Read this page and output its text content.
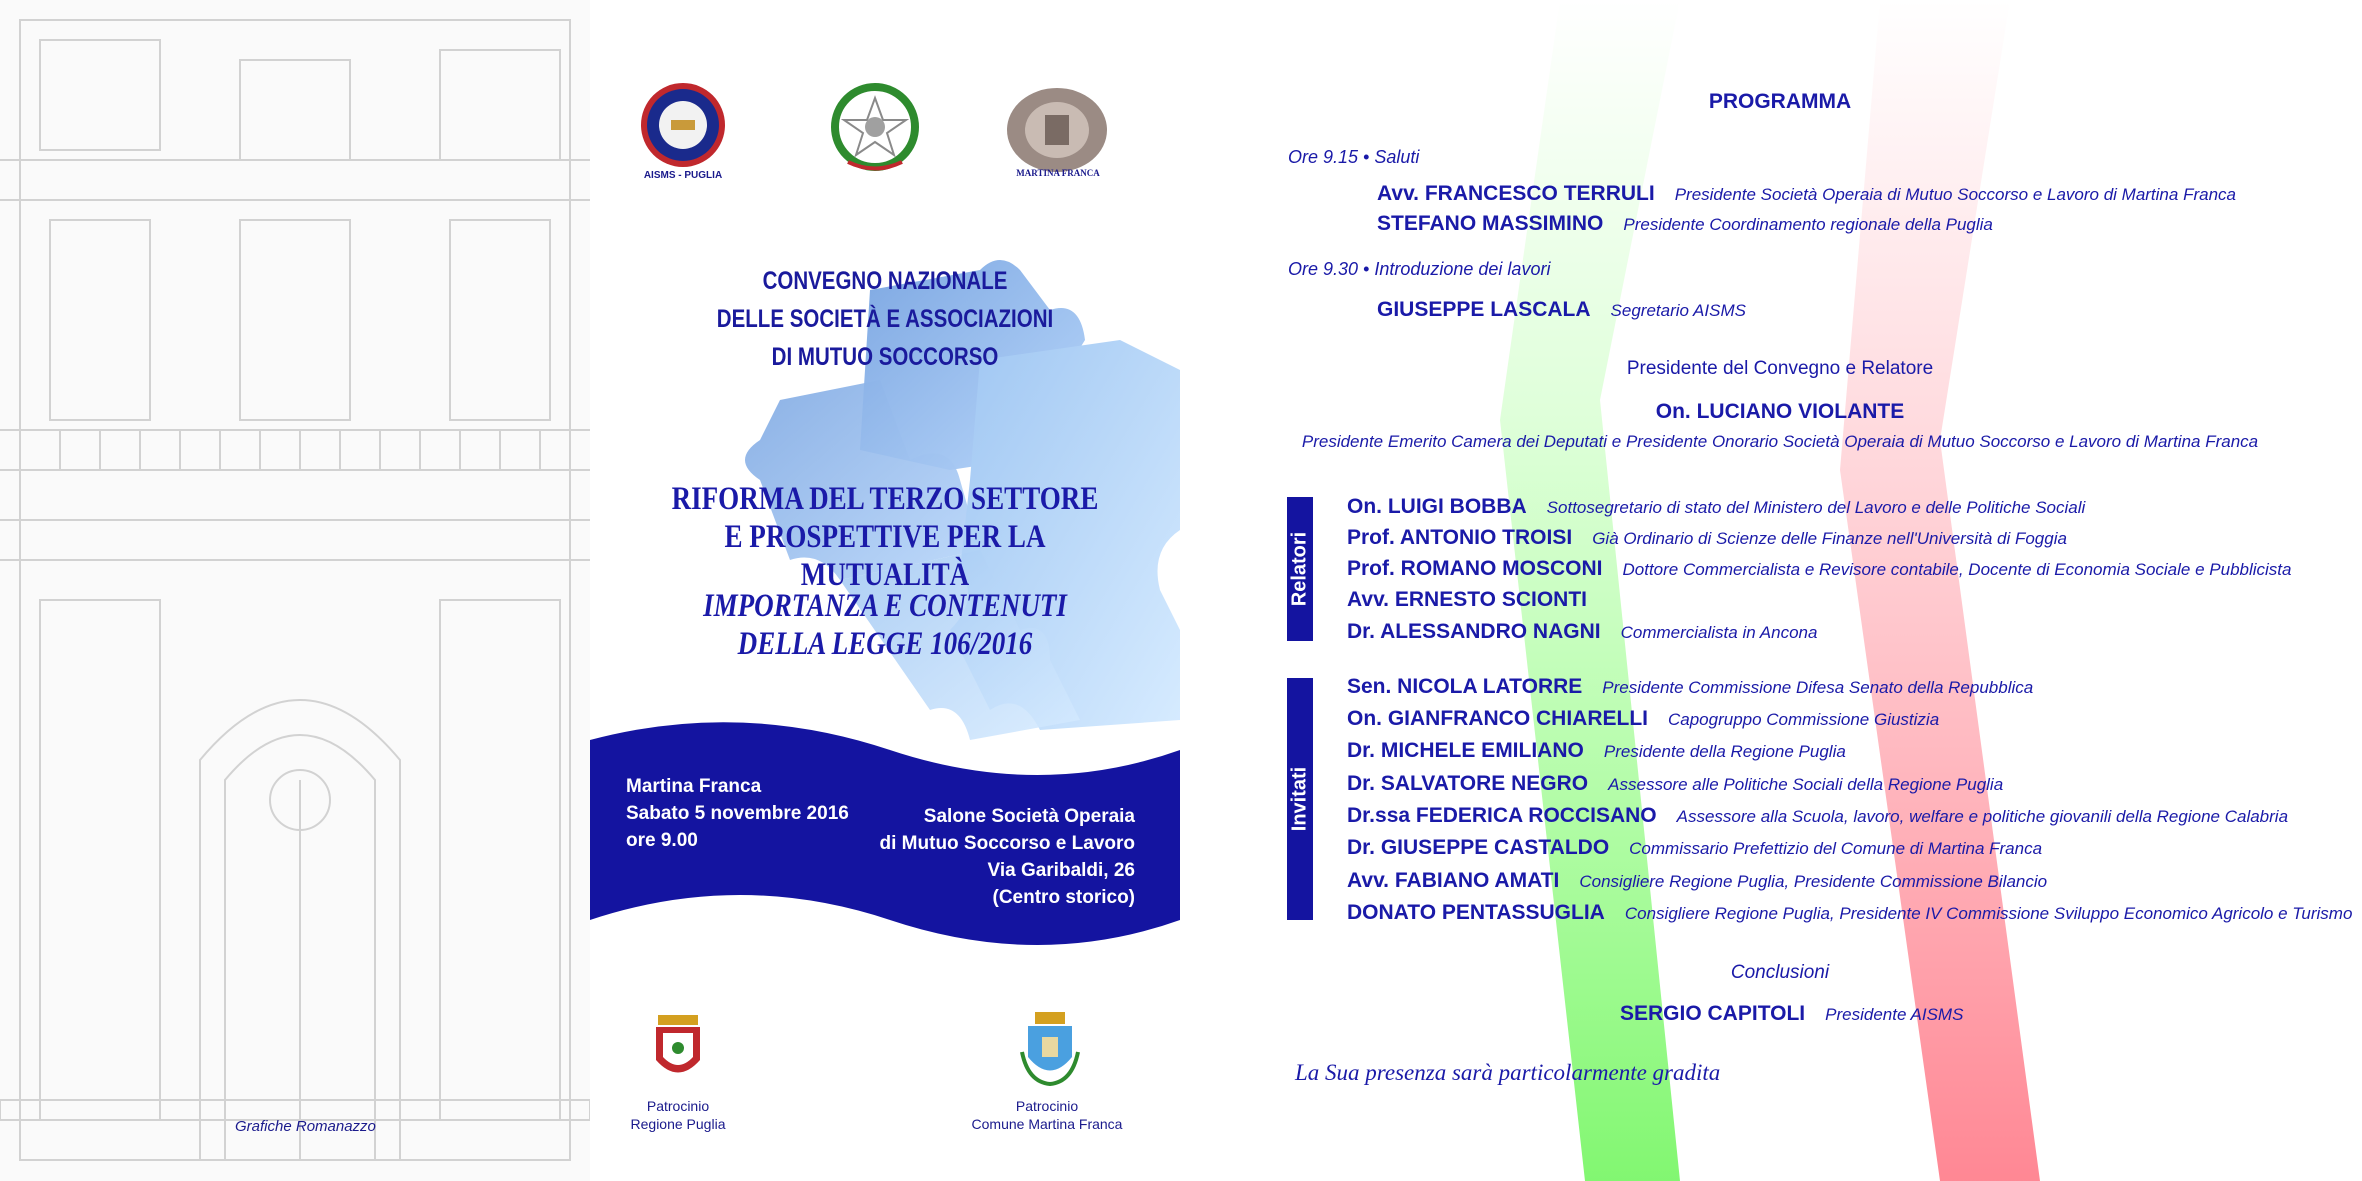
Grafiche Romanazzo
AISMS - PUGLIA	MARTINA FRANCA
CONVEGNO NAZIONALE
DELLE SOCIETÀ E ASSOCIAZIONI
DI MUTUO SOCCORSO
RIFORMA DEL TERZO SETTORE
E PROSPETTIVE PER LA MUTUALITÀ
IMPORTANZA E CONTENUTI
DELLA LEGGE 106/2016
Martina Franca
Sabato 5 novembre 2016
ore 9.00
Salone Società Operaia
di Mutuo Soccorso e Lavoro
Via Garibaldi, 26
(Centro storico)
Patrocinio
Regione Puglia
Patrocinio
Comune Martina Franca
PROGRAMMA
Ore 9.15 • Saluti
Avv. FRANCESCO TERRULI Presidente Società Operaia di Mutuo Soccorso e Lavoro di Martina Franca
STEFANO MASSIMINO Presidente Coordinamento regionale della Puglia
Ore 9.30 • Introduzione dei lavori
GIUSEPPE LASCALA Segretario AISMS
Presidente del Convegno e Relatore
On. LUCIANO VIOLANTE
Presidente Emerito Camera dei Deputati e Presidente Onorario Società Operaia di Mutuo Soccorso e Lavoro di Martina Franca
Relatori
On. LUIGI BOBBA Sottosegretario di stato del Ministero del Lavoro e delle Politiche Sociali
Prof. ANTONIO TROISI Già Ordinario di Scienze delle Finanze nell'Università di Foggia
Prof. ROMANO MOSCONI Dottore Commercialista e Revisore contabile, Docente di Economia Sociale e Pubblicista
Avv. ERNESTO SCIONTI
Dr. ALESSANDRO NAGNI Commercialista in Ancona
Invitati
Sen. NICOLA LATORRE Presidente Commissione Difesa Senato della Repubblica
On. GIANFRANCO CHIARELLI Capogruppo Commissione Giustizia
Dr. MICHELE EMILIANO Presidente della Regione Puglia
Dr. SALVATORE NEGRO Assessore alle Politiche Sociali della Regione Puglia
Dr.ssa FEDERICA ROCCISANO Assessore alla Scuola, lavoro, welfare e politiche giovanili della Regione Calabria
Dr. GIUSEPPE CASTALDO Commissario Prefettizio del Comune di Martina Franca
Avv. FABIANO AMATI Consigliere Regione Puglia, Presidente Commissione Bilancio
DONATO PENTASSUGLIA Consigliere Regione Puglia, Presidente IV Commissione Sviluppo Economico Agricolo e Turismo
Conclusioni
SERGIO CAPITOLI Presidente AISMS
La Sua presenza sarà particolarmente gradita
